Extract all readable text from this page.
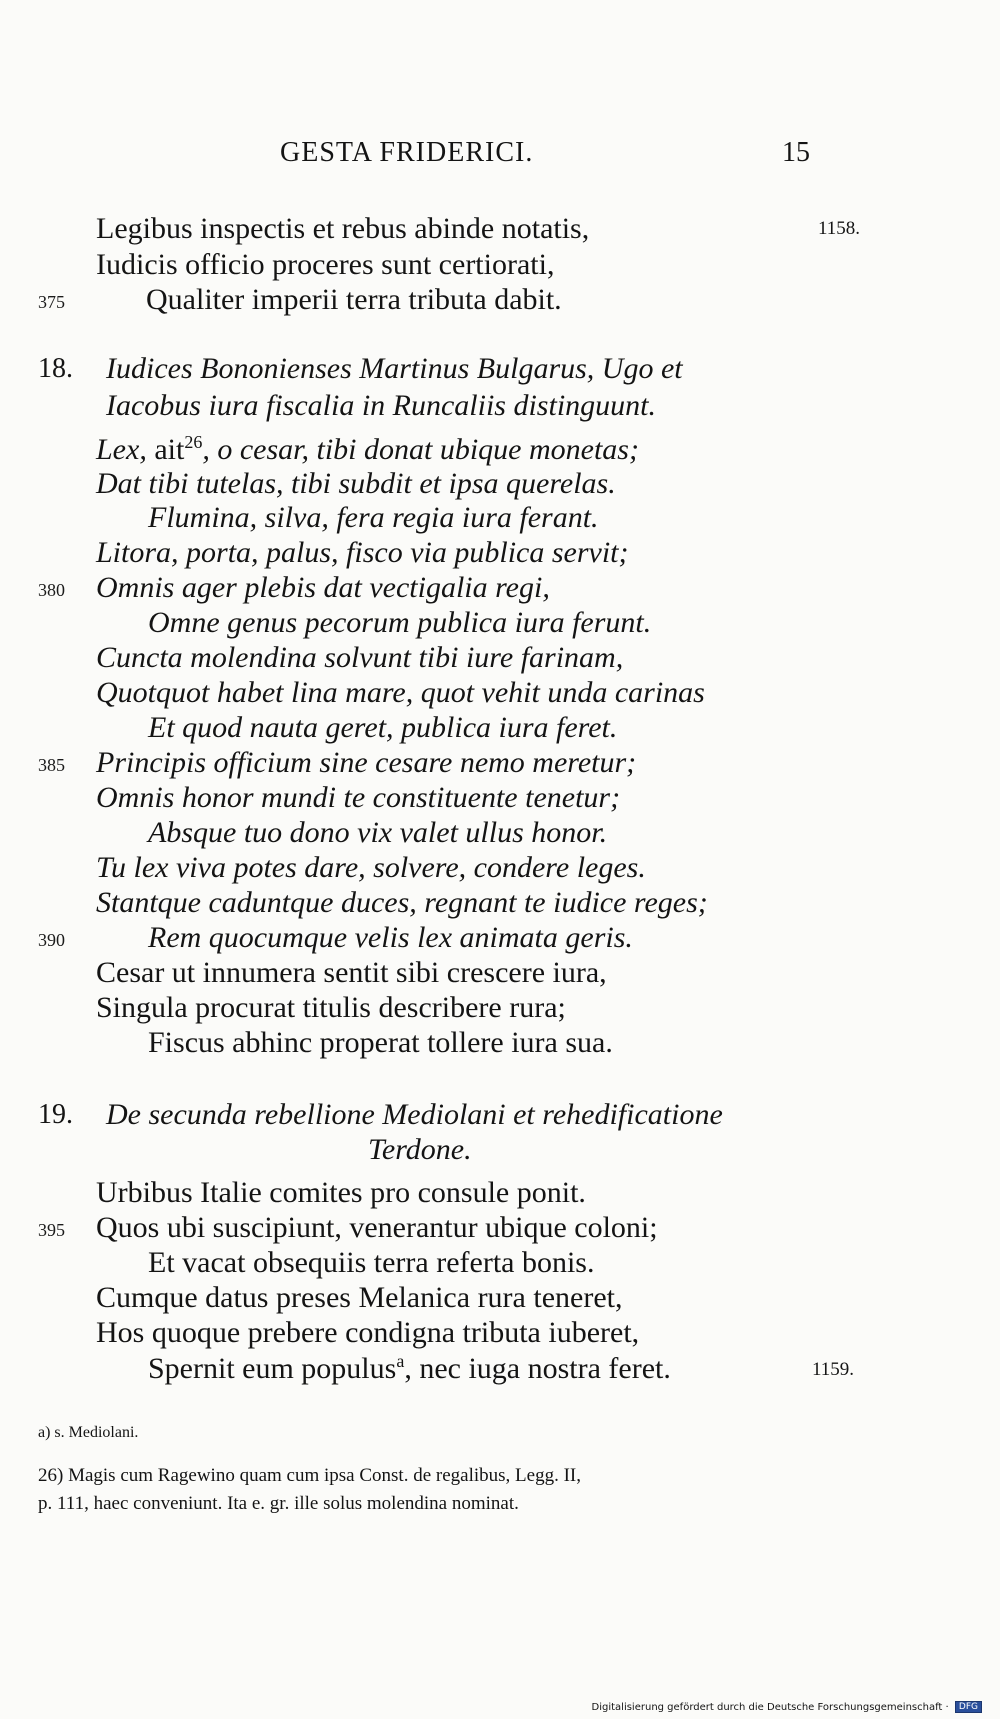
GESTA FRIDERICI.	15
Legibus inspectis et rebus abinde notatis,	1158.
Iudicis officio proceres sunt certiorati,
375	Qualiter imperii terra tributa dabit.
18. Iudices Bononienses Martinus Bulgarus, Ugo et
Iacobus iura fiscalia in Runcaliis distinguunt.
Lex, ait$^{26}$, o cesar, tibi donat ubique monetas;
Dat tibi tutelas, tibi subdit et ipsa querelas.
Flumina, silva, fera regia iura ferant.
Litora, porta, palus, fisco via publica servit;
380 Omnis ager plebis dat vectigalia regi,
Omne genus pecorum publica iura ferunt.
Cuncta molendina solvunt tibi iure farinam,
Quotquot habet lina mare, quot vehit unda carinas
Et quod nauta geret, publica iura feret.
385 Principis officium sine cesare nemo meretur;
Omnis honor mundi te constituente tenetur;
Absque tuo dono vix valet ullus honor.
Tu lex viva potes dare, solvere, condere leges.
Stantque caduntque duces, regnant te iudice reges;
390	Rem quocumque velis lex animata geris.
Cesar ut innumera sentit sibi crescere iura,
Singula procurat titulis describere rura;
Fiscus abhinc properat tollere iura sua.
19. De secunda rebellione Mediolani et rehedificatione
Terdone.
Urbibus Italie comites pro consule ponit.
395 Quos ubi suscipiunt, venerantur ubique coloni;
Et vacat obsequiis terra referta bonis.
Cumque datus preses Melanica rura teneret,
Hos quoque prebere condigna tributa iuberet,
Spernit eum populus$^a$, nec iuga nostra feret.	1159.
a) s. Mediolani.
26) Magis cum Ragewino quam cum ipsa Const. de regalibus, Legg. II,
p. 111, haec conveniunt. Ita e. gr. ille solus molendina nominat.
Digitalisierung gefördert durch die Deutsche Forschungsgemeinschaft · DFG
